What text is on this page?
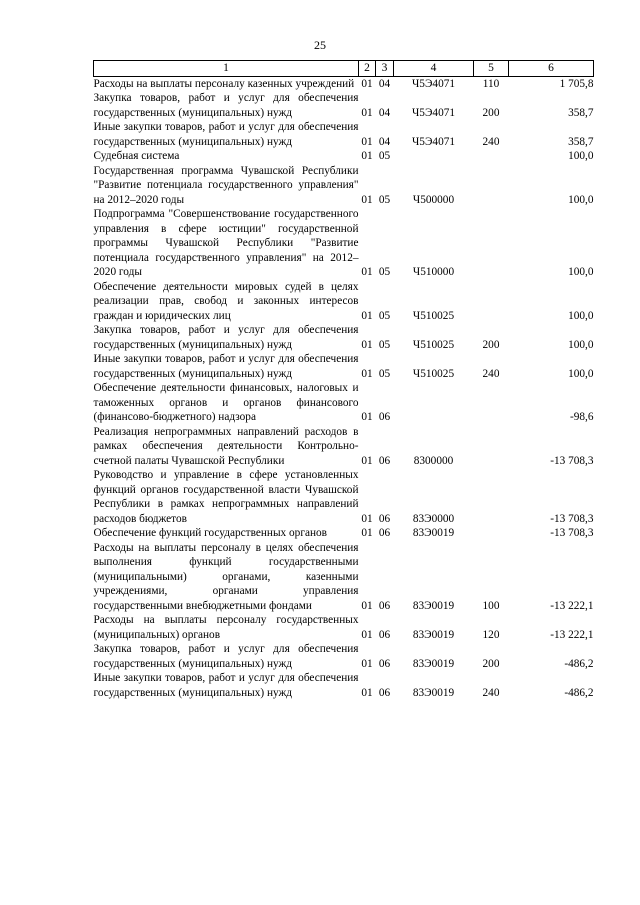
25
1	2	3	4	5	6
Расходы на выплаты персоналу казенных учреждений	01	04	Ч5Э4071	110	1 705,8
Закупка товаров, работ и услуг для обеспечения государственных (муниципальных) нужд	01	04	Ч5Э4071	200	358,7
Иные закупки товаров, работ и услуг для обеспечения государственных (муниципальных) нужд	01	04	Ч5Э4071	240	358,7
Судебная система	01	05			100,0
Государственная программа Чувашской Республики "Развитие потенциала государственного управления" на 2012–2020 годы	01	05	Ч500000		100,0
Подпрограмма "Совершенствование государственного управления в сфере юстиции" государственной программы Чувашской Республики "Развитие потенциала государственного управления" на 2012–2020 годы	01	05	Ч510000		100,0
Обеспечение деятельности мировых судей в целях реализации прав, свобод и законных интересов граждан и юридических лиц	01	05	Ч510025		100,0
Закупка товаров, работ и услуг для обеспечения государственных (муниципальных) нужд	01	05	Ч510025	200	100,0
Иные закупки товаров, работ и услуг для обеспечения государственных (муниципальных) нужд	01	05	Ч510025	240	100,0
Обеспечение деятельности финансовых, налоговых и таможенных органов и органов финансового (финансово-бюджетного) надзора	01	06			-98,6
Реализация непрограммных направлений расходов в рамках обеспечения деятельности Контрольно-счетной палаты Чувашской Республики	01	06	8300000		-13 708,3
Руководство и управление в сфере установленных функций органов государственной власти Чувашской Республики в рамках непрограммных направлений расходов бюджетов	01	06	83Э0000		-13 708,3
Обеспечение функций государственных органов	01	06	83Э0019		-13 708,3
Расходы на выплаты персоналу в целях обеспечения выполнения функций государственными (муниципальными) органами, казенными учреждениями, органами управления государственными внебюджетными фондами	01	06	83Э0019	100	-13 222,1
Расходы на выплаты персоналу государственных (муниципальных) органов	01	06	83Э0019	120	-13 222,1
Закупка товаров, работ и услуг для обеспечения государственных (муниципальных) нужд	01	06	83Э0019	200	-486,2
Иные закупки товаров, работ и услуг для обеспечения государственных (муниципальных) нужд	01	06	83Э0019	240	-486,2
